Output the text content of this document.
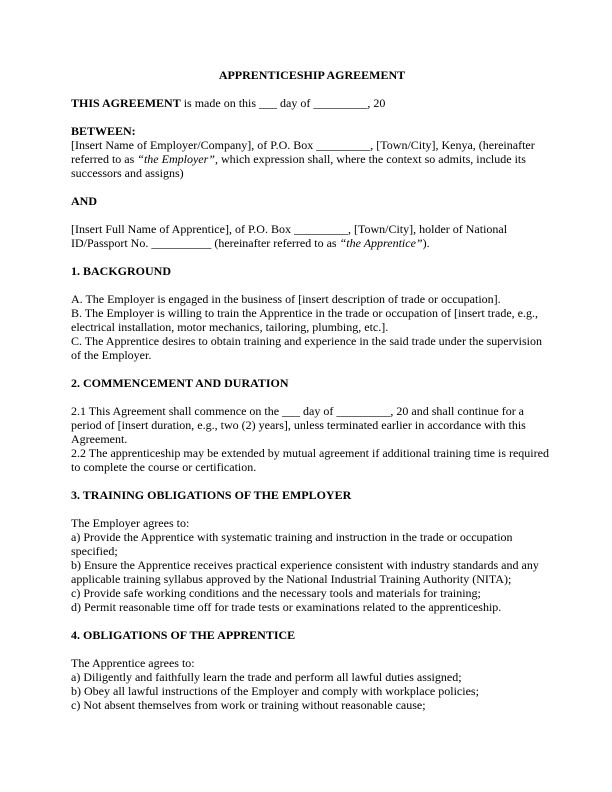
APPRENTICESHIP AGREEMENT

THIS AGREEMENT is made on this ___ day of _________, 20

BETWEEN:
[Insert Name of Employer/Company], of P.O. Box _________, [Town/City], Kenya, (hereinafter referred to as “the Employer”, which expression shall, where the context so admits, include its successors and assigns)

AND

[Insert Full Name of Apprentice], of P.O. Box _________, [Town/City], holder of National ID/Passport No. __________ (hereinafter referred to as “the Apprentice”).

1. BACKGROUND
A. The Employer is engaged in the business of [insert description of trade or occupation].
B. The Employer is willing to train the Apprentice in the trade or occupation of [insert trade, e.g., electrical installation, motor mechanics, tailoring, plumbing, etc.].
C. The Apprentice desires to obtain training and experience in the said trade under the supervision of the Employer.
2. COMMENCEMENT AND DURATION
2.1 This Agreement shall commence on the ___ day of _________, 20 and shall continue for a period of [insert duration, e.g., two (2) years], unless terminated earlier in accordance with this Agreement.
2.2 The apprenticeship may be extended by mutual agreement if additional training time is required to complete the course or certification.
3. TRAINING OBLIGATIONS OF THE EMPLOYER
The Employer agrees to:
a) Provide the Apprentice with systematic training and instruction in the trade or occupation specified;
b) Ensure the Apprentice receives practical experience consistent with industry standards and any applicable training syllabus approved by the National Industrial Training Authority (NITA);
c) Provide safe working conditions and the necessary tools and materials for training;
d) Permit reasonable time off for trade tests or examinations related to the apprenticeship.
4. OBLIGATIONS OF THE APPRENTICE
The Apprentice agrees to:
a) Diligently and faithfully learn the trade and perform all lawful duties assigned;
b) Obey all lawful instructions of the Employer and comply with workplace policies;
c) Not absent themselves from work or training without reasonable cause;
